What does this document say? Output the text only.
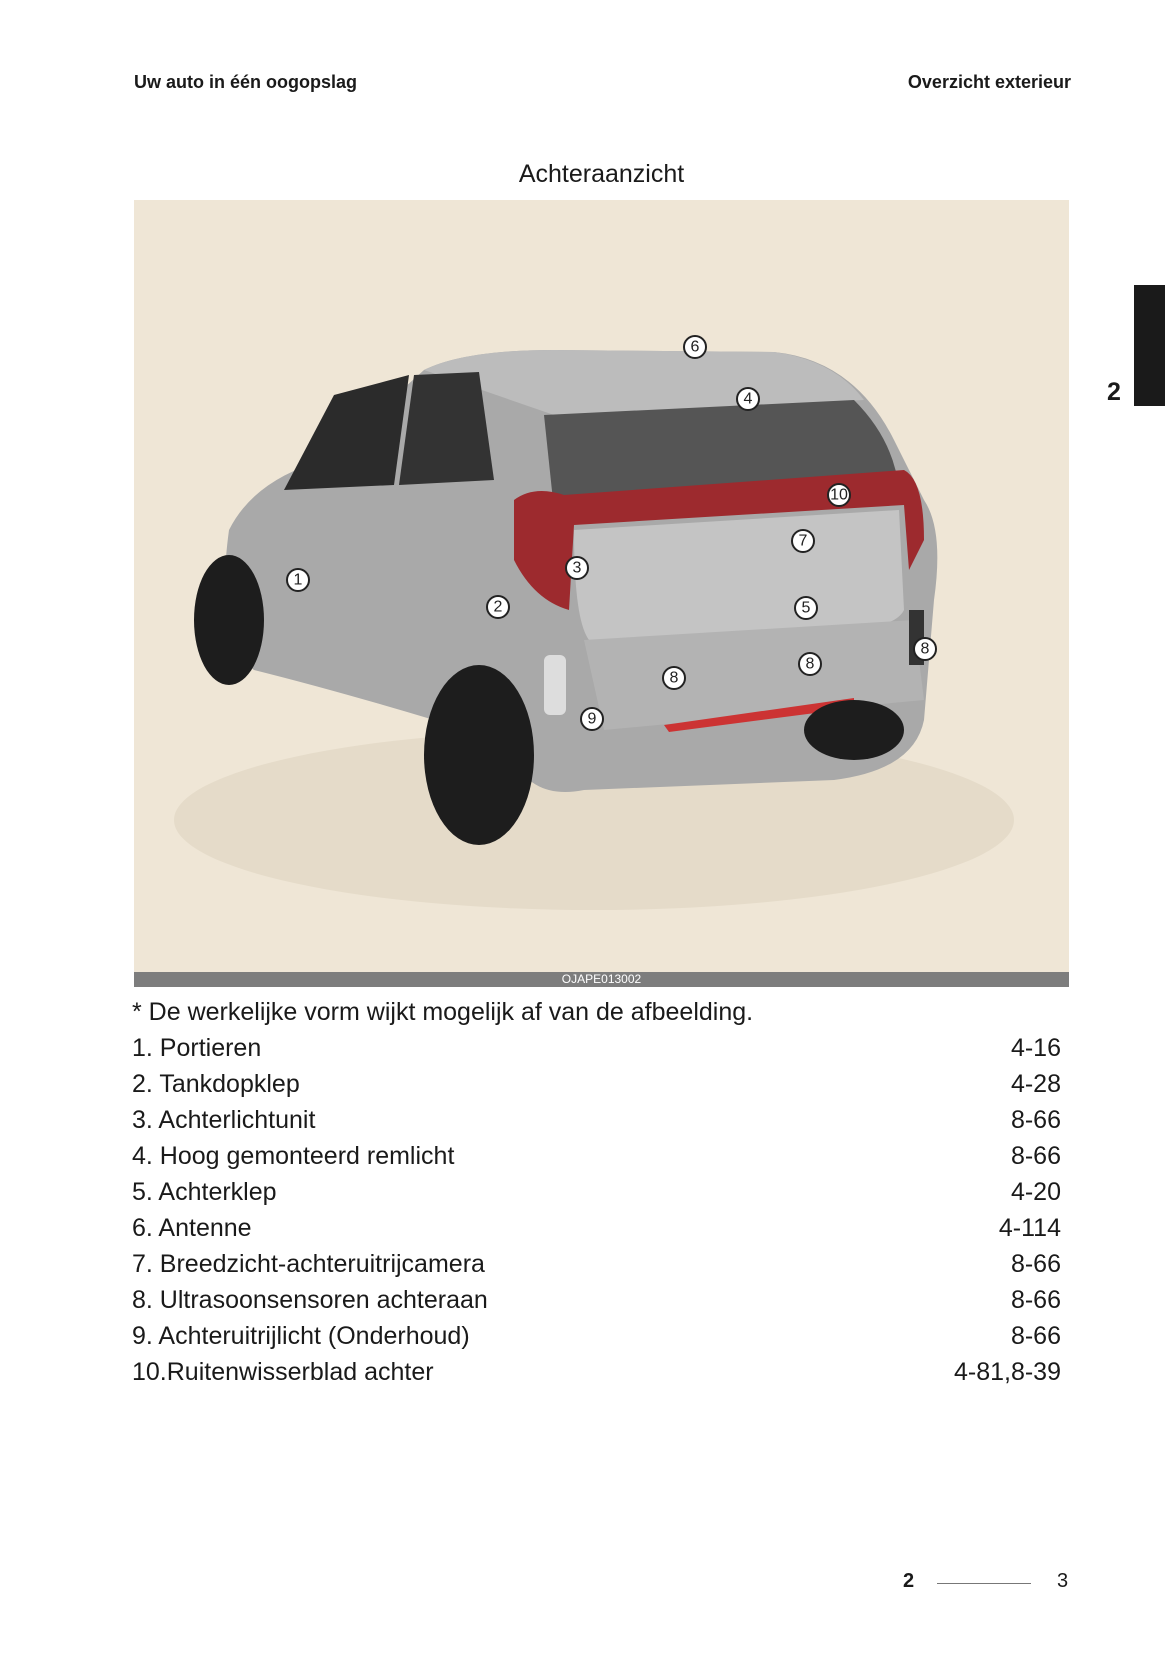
Uw auto in één oogopslag	Overzicht exterieur
Achteraanzicht
6
4
10
7
3
1
2	5
8
8
8
9
OJAPE013002
* De werkelijke vorm wijkt mogelijk af van de afbeelding.
1. Portieren	4-16
2. Tankdopklep	4-28
3. Achterlichtunit	8-66
4. Hoog gemonteerd remlicht	8-66
5. Achterklep	4-20
6. Antenne	4-114
7. Breedzicht-achteruitrijcamera	8-66
8. Ultrasoonsensoren achteraan	8-66
9. Achteruitrijlicht (Onderhoud)	8-66
10.Ruitenwisserblad achter	4-81,8-39
2
2	3
